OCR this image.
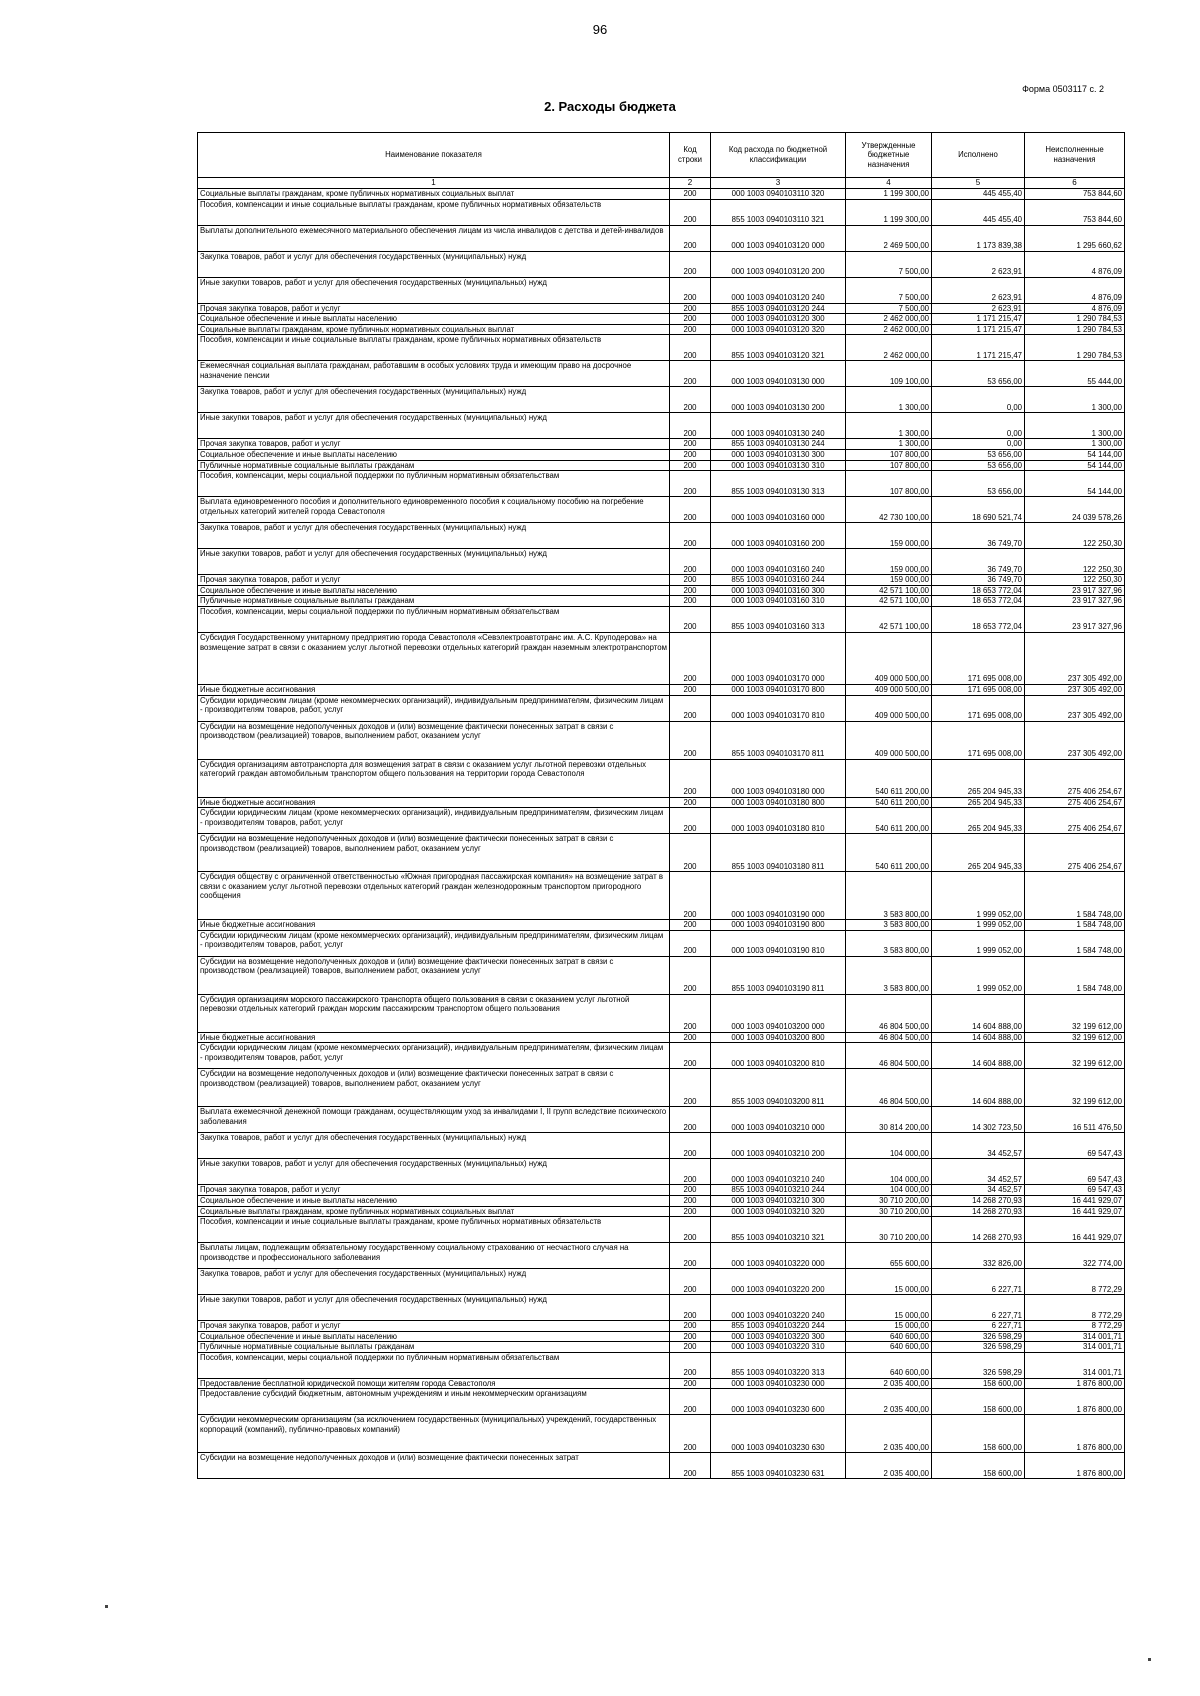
96
Форма 0503117 с. 2
2. Расходы бюджета
Наименование показателя	Код строки	Код расхода по бюджетной классификации	Утвержденные бюджетные назначения	Исполнено	Неисполненные назначения
1	2	3	4	5	6
Социальные выплаты гражданам, кроме публичных нормативных социальных выплат	200	000 1003 0940103110 320	1 199 300,00	445 455,40	753 844,60
Пособия, компенсации и иные социальные выплаты гражданам, кроме публичных нормативных обязательств	200	855 1003 0940103110 321	1 199 300,00	445 455,40	753 844,60
Выплаты дополнительного ежемесячного материального обеспечения лицам из числа инвалидов с детства и детей-инвалидов	200	000 1003 0940103120 000	2 469 500,00	1 173 839,38	1 295 660,62
Закупка товаров, работ и услуг для обеспечения государственных (муниципальных) нужд	200	000 1003 0940103120 200	7 500,00	2 623,91	4 876,09
Иные закупки товаров, работ и услуг для обеспечения государственных (муниципальных) нужд	200	000 1003 0940103120 240	7 500,00	2 623,91	4 876,09
Прочая закупка товаров, работ и услуг	200	855 1003 0940103120 244	7 500,00	2 623,91	4 876,09
Социальное обеспечение и иные выплаты населению	200	000 1003 0940103120 300	2 462 000,00	1 171 215,47	1 290 784,53
Социальные выплаты гражданам, кроме публичных нормативных социальных выплат	200	000 1003 0940103120 320	2 462 000,00	1 171 215,47	1 290 784,53
Пособия, компенсации и иные социальные выплаты гражданам, кроме публичных нормативных обязательств	200	855 1003 0940103120 321	2 462 000,00	1 171 215,47	1 290 784,53
Ежемесячная социальная выплата гражданам, работавшим в особых условиях труда и имеющим право на досрочное назначение пенсии	200	000 1003 0940103130 000	109 100,00	53 656,00	55 444,00
Закупка товаров, работ и услуг для обеспечения государственных (муниципальных) нужд	200	000 1003 0940103130 200	1 300,00	0,00	1 300,00
Иные закупки товаров, работ и услуг для обеспечения государственных (муниципальных) нужд	200	000 1003 0940103130 240	1 300,00	0,00	1 300,00
Прочая закупка товаров, работ и услуг	200	855 1003 0940103130 244	1 300,00	0,00	1 300,00
Социальное обеспечение и иные выплаты населению	200	000 1003 0940103130 300	107 800,00	53 656,00	54 144,00
Публичные нормативные социальные выплаты гражданам	200	000 1003 0940103130 310	107 800,00	53 656,00	54 144,00
Пособия, компенсации, меры социальной поддержки по публичным нормативным обязательствам	200	855 1003 0940103130 313	107 800,00	53 656,00	54 144,00
Выплата единовременного пособия и дополнительного единовременного пособия к социальному пособию на погребение отдельных категорий жителей города Севастополя	200	000 1003 0940103160 000	42 730 100,00	18 690 521,74	24 039 578,26
Закупка товаров, работ и услуг для обеспечения государственных (муниципальных) нужд	200	000 1003 0940103160 200	159 000,00	36 749,70	122 250,30
Иные закупки товаров, работ и услуг для обеспечения государственных (муниципальных) нужд	200	000 1003 0940103160 240	159 000,00	36 749,70	122 250,30
Прочая закупка товаров, работ и услуг	200	855 1003 0940103160 244	159 000,00	36 749,70	122 250,30
Социальное обеспечение и иные выплаты населению	200	000 1003 0940103160 300	42 571 100,00	18 653 772,04	23 917 327,96
Публичные нормативные социальные выплаты гражданам	200	000 1003 0940103160 310	42 571 100,00	18 653 772,04	23 917 327,96
Пособия, компенсации, меры социальной поддержки по публичным нормативным обязательствам	200	855 1003 0940103160 313	42 571 100,00	18 653 772,04	23 917 327,96
Субсидия Государственному унитарному предприятию города Севастополя «Севэлектроавтотранс им. А.С. Круподерова» на возмещение затрат в связи с оказанием услуг льготной перевозки отдельных категорий граждан наземным электротранспортом	200	000 1003 0940103170 000	409 000 500,00	171 695 008,00	237 305 492,00
Иные бюджетные ассигнования	200	000 1003 0940103170 800	409 000 500,00	171 695 008,00	237 305 492,00
Субсидии юридическим лицам (кроме некоммерческих организаций), индивидуальным предпринимателям, физическим лицам - производителям товаров, работ, услуг	200	000 1003 0940103170 810	409 000 500,00	171 695 008,00	237 305 492,00
Субсидии на возмещение недополученных доходов и (или) возмещение фактически понесенных затрат в связи с производством (реализацией) товаров, выполнением работ, оказанием услуг	200	855 1003 0940103170 811	409 000 500,00	171 695 008,00	237 305 492,00
Субсидия организациям автотранспорта для возмещения затрат в связи с оказанием услуг льготной перевозки отдельных категорий граждан автомобильным транспортом общего пользования на территории города Севастополя	200	000 1003 0940103180 000	540 611 200,00	265 204 945,33	275 406 254,67
Иные бюджетные ассигнования	200	000 1003 0940103180 800	540 611 200,00	265 204 945,33	275 406 254,67
Субсидии юридическим лицам (кроме некоммерческих организаций), индивидуальным предпринимателям, физическим лицам - производителям товаров, работ, услуг	200	000 1003 0940103180 810	540 611 200,00	265 204 945,33	275 406 254,67
Субсидии на возмещение недополученных доходов и (или) возмещение фактически понесенных затрат в связи с производством (реализацией) товаров, выполнением работ, оказанием услуг	200	855 1003 0940103180 811	540 611 200,00	265 204 945,33	275 406 254,67
Субсидия обществу с ограниченной ответственностью «Южная пригородная пассажирская компания» на возмещение затрат в связи с оказанием услуг льготной перевозки отдельных категорий граждан железнодорожным транспортом пригородного сообщения	200	000 1003 0940103190 000	3 583 800,00	1 999 052,00	1 584 748,00
Иные бюджетные ассигнования	200	000 1003 0940103190 800	3 583 800,00	1 999 052,00	1 584 748,00
Субсидии юридическим лицам (кроме некоммерческих организаций), индивидуальным предпринимателям, физическим лицам - производителям товаров, работ, услуг	200	000 1003 0940103190 810	3 583 800,00	1 999 052,00	1 584 748,00
Субсидии на возмещение недополученных доходов и (или) возмещение фактически понесенных затрат в связи с производством (реализацией) товаров, выполнением работ, оказанием услуг	200	855 1003 0940103190 811	3 583 800,00	1 999 052,00	1 584 748,00
Субсидия организациям морского пассажирского транспорта общего пользования в связи с оказанием услуг льготной перевозки отдельных категорий граждан морским пассажирским транспортом общего пользования	200	000 1003 0940103200 000	46 804 500,00	14 604 888,00	32 199 612,00
Иные бюджетные ассигнования	200	000 1003 0940103200 800	46 804 500,00	14 604 888,00	32 199 612,00
Субсидии юридическим лицам (кроме некоммерческих организаций), индивидуальным предпринимателям, физическим лицам - производителям товаров, работ, услуг	200	000 1003 0940103200 810	46 804 500,00	14 604 888,00	32 199 612,00
Субсидии на возмещение недополученных доходов и (или) возмещение фактически понесенных затрат в связи с производством (реализацией) товаров, выполнением работ, оказанием услуг	200	855 1003 0940103200 811	46 804 500,00	14 604 888,00	32 199 612,00
Выплата ежемесячной денежной помощи гражданам, осуществляющим уход за инвалидами I, II групп вследствие психического заболевания	200	000 1003 0940103210 000	30 814 200,00	14 302 723,50	16 511 476,50
Закупка товаров, работ и услуг для обеспечения государственных (муниципальных) нужд	200	000 1003 0940103210 200	104 000,00	34 452,57	69 547,43
Иные закупки товаров, работ и услуг для обеспечения государственных (муниципальных) нужд	200	000 1003 0940103210 240	104 000,00	34 452,57	69 547,43
Прочая закупка товаров, работ и услуг	200	855 1003 0940103210 244	104 000,00	34 452,57	69 547,43
Социальное обеспечение и иные выплаты населению	200	000 1003 0940103210 300	30 710 200,00	14 268 270,93	16 441 929,07
Социальные выплаты гражданам, кроме публичных нормативных социальных выплат	200	000 1003 0940103210 320	30 710 200,00	14 268 270,93	16 441 929,07
Пособия, компенсации и иные социальные выплаты гражданам, кроме публичных нормативных обязательств	200	855 1003 0940103210 321	30 710 200,00	14 268 270,93	16 441 929,07
Выплаты лицам, подлежащим обязательному государственному социальному страхованию от несчастного случая на производстве и профессионального заболевания	200	000 1003 0940103220 000	655 600,00	332 826,00	322 774,00
Закупка товаров, работ и услуг для обеспечения государственных (муниципальных) нужд	200	000 1003 0940103220 200	15 000,00	6 227,71	8 772,29
Иные закупки товаров, работ и услуг для обеспечения государственных (муниципальных) нужд	200	000 1003 0940103220 240	15 000,00	6 227,71	8 772,29
Прочая закупка товаров, работ и услуг	200	855 1003 0940103220 244	15 000,00	6 227,71	8 772,29
Социальное обеспечение и иные выплаты населению	200	000 1003 0940103220 300	640 600,00	326 598,29	314 001,71
Публичные нормативные социальные выплаты гражданам	200	000 1003 0940103220 310	640 600,00	326 598,29	314 001,71
Пособия, компенсации, меры социальной поддержки по публичным нормативным обязательствам	200	855 1003 0940103220 313	640 600,00	326 598,29	314 001,71
Предоставление бесплатной юридической помощи жителям города Севастополя	200	000 1003 0940103230 000	2 035 400,00	158 600,00	1 876 800,00
Предоставление субсидий бюджетным, автономным учреждениям и иным некоммерческим организациям	200	000 1003 0940103230 600	2 035 400,00	158 600,00	1 876 800,00
Субсидии некоммерческим организациям (за исключением государственных (муниципальных) учреждений, государственных корпораций (компаний), публично-правовых компаний)	200	000 1003 0940103230 630	2 035 400,00	158 600,00	1 876 800,00
Субсидии на возмещение недополученных доходов и (или) возмещение фактически понесенных затрат	200	855 1003 0940103230 631	2 035 400,00	158 600,00	1 876 800,00
